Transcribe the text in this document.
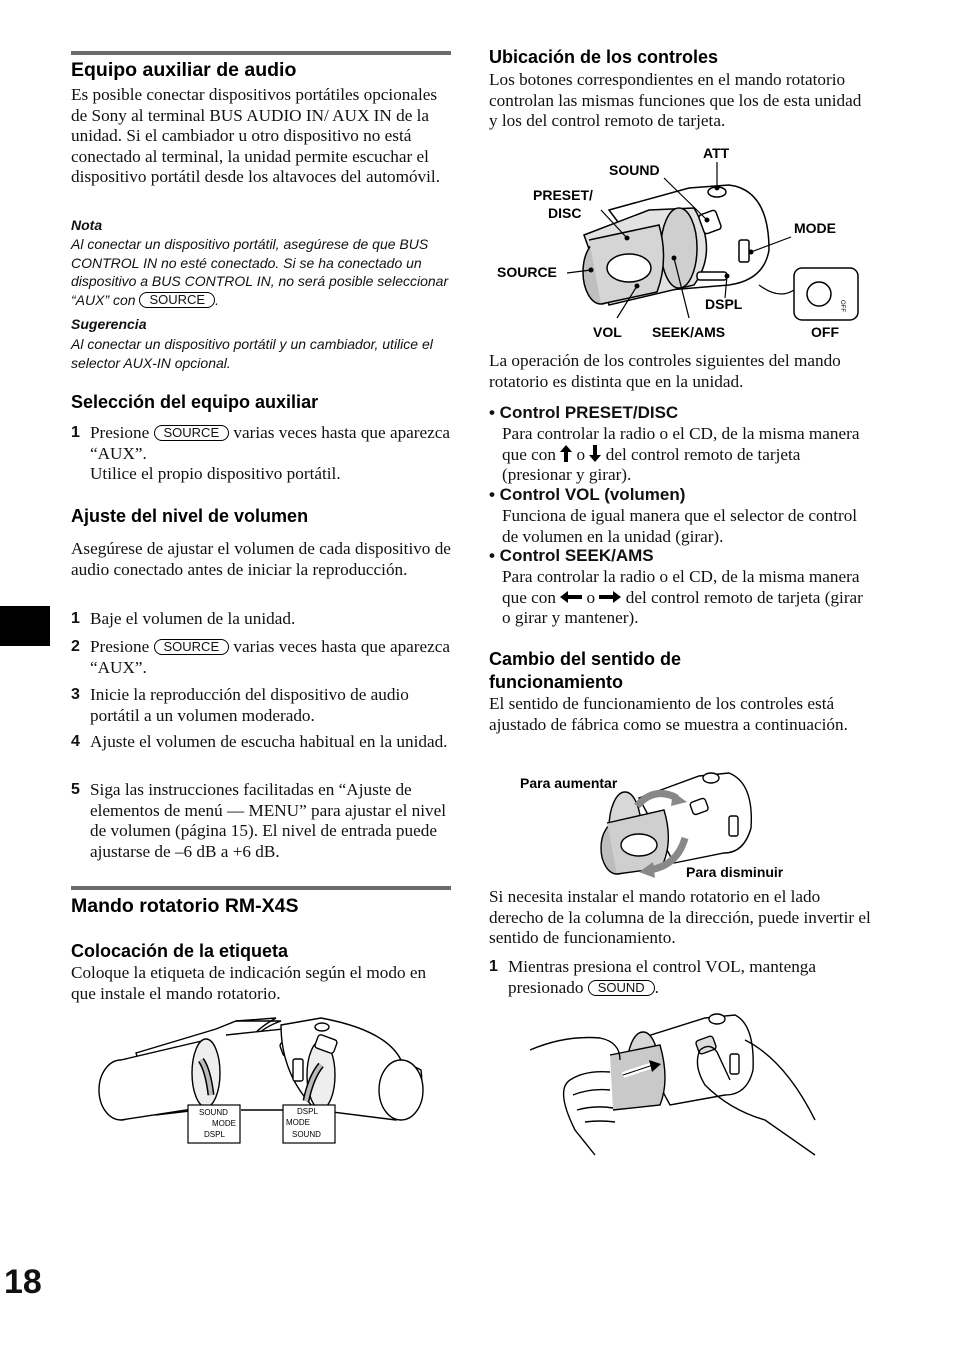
Equipo auxiliar de audio
Es posible conectar dispositivos portátiles opcionales de Sony al terminal BUS AUDIO IN/ AUX IN de la unidad. Si el cambiador u otro dispositivo no está conectado al terminal, la unidad permite escuchar el dispositivo portátil desde los altavoces del automóvil.
Nota
Al conectar un dispositivo portátil, asegúrese de que BUS CONTROL IN no esté conectado. Si se ha conectado un dispositivo a BUS CONTROL IN, no será posible seleccionar “AUX” con SOURCE .
Sugerencia
Al conectar un dispositivo portátil y un cambiador, utilice el selector AUX-IN opcional.
Selección del equipo auxiliar
1 Presione SOURCE varias veces hasta que aparezca “AUX”.
Utilice el propio dispositivo portátil.
Ajuste del nivel de volumen
Asegúrese de ajustar el volumen de cada dispositivo de audio conectado antes de iniciar la reproducción.
1 Baje el volumen de la unidad.
2 Presione SOURCE varias veces hasta que aparezca “AUX”.
3 Inicie la reproducción del dispositivo de audio portátil a un volumen moderado.
4 Ajuste el volumen de escucha habitual en la unidad.
5 Siga las instrucciones facilitadas en “Ajuste de elementos de menú — MENU” para ajustar el nivel de volumen (página 15). El nivel de entrada puede ajustarse de –6 dB a +6 dB.
Mando rotatorio RM-X4S
Colocación de la etiqueta
Coloque la etiqueta de indicación según el modo en que instale el mando rotatorio.
SOUND
MODE
DSPL
DSPL
MODE
SOUND
18
Ubicación de los controles
Los botones correspondientes en el mando rotatorio controlan las mismas funciones que los de esta unidad y los del control remoto de tarjeta.
OFF
ATT
SOUND
PRESET/
DISC
MODE
SOURCE
DSPL
VOL SEEK/AMS	OFF
La operación de los controles siguientes del mando rotatorio es distinta que en la unidad.
• Control PRESET/DISC
Para controlar la radio o el CD, de la misma manera que con o del control remoto de tarjeta (presionar y girar).
• Control VOL (volumen)
Funciona de igual manera que el selector de control de volumen en la unidad (girar).
• Control SEEK/AMS
Para controlar la radio o el CD, de la misma manera que con o del control remoto de tarjeta (girar o girar y mantener).
Cambio del sentido de
funcionamiento
El sentido de funcionamiento de los controles está ajustado de fábrica como se muestra a continuación.
Para aumentar
Para disminuir
Si necesita instalar el mando rotatorio en el lado derecho de la columna de la dirección, puede invertir el sentido de funcionamiento.
1 Mientras presiona el control VOL, mantenga presionado SOUND .
